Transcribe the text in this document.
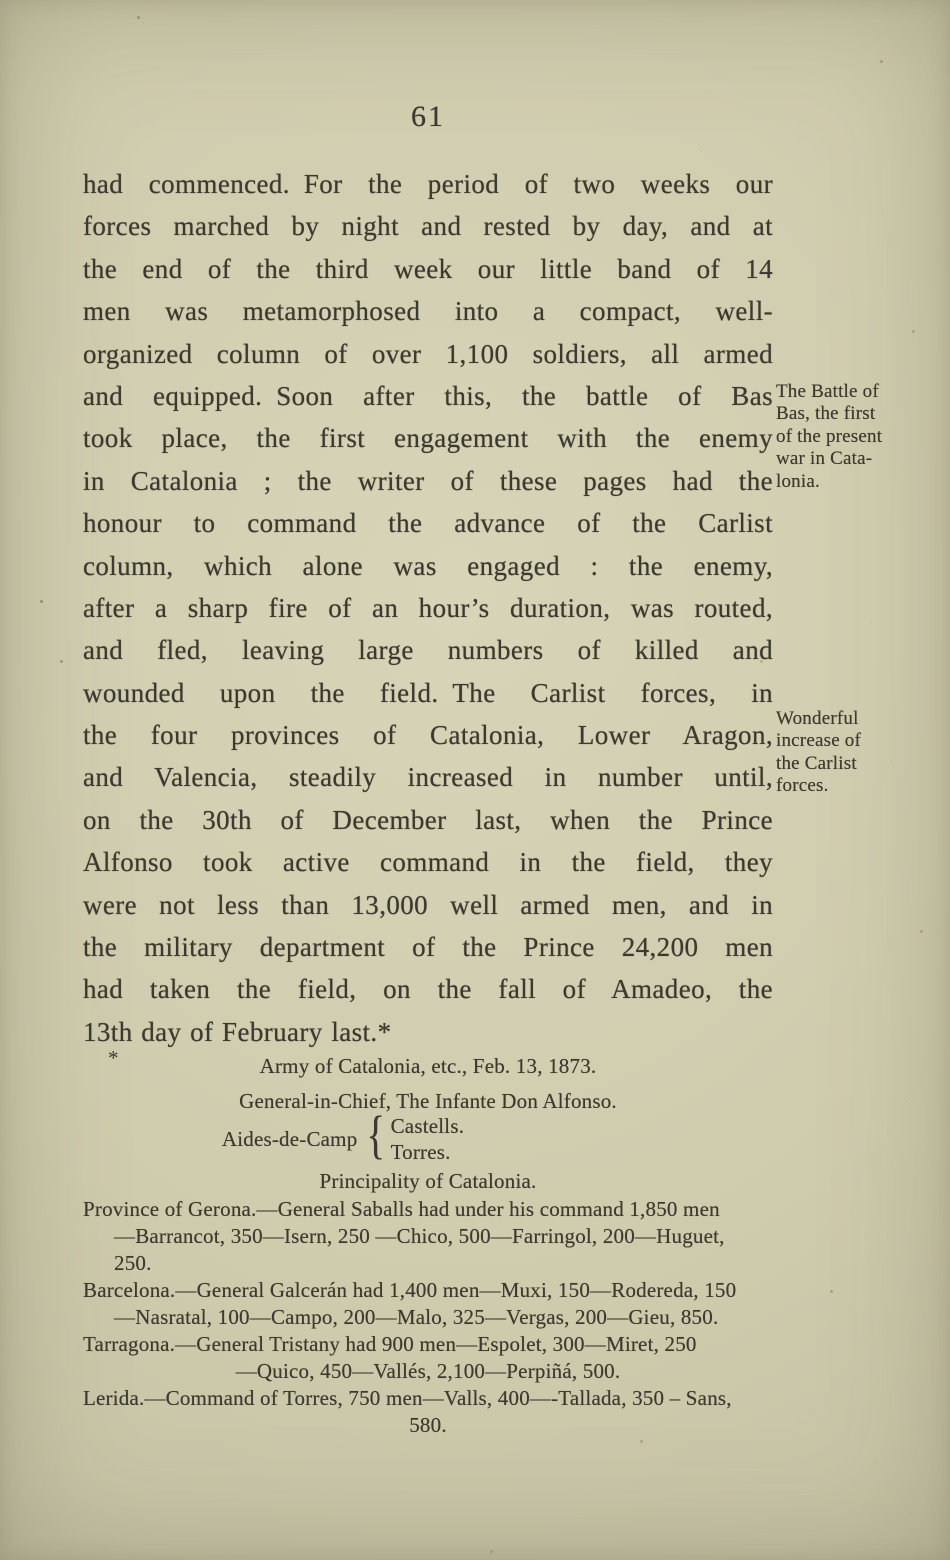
61
had commenced. For the period of two weeks our
forces marched by night and rested by day, and at
the end of the third week our little band of 14
men was metamorphosed into a compact, well-
organized column of over 1,100 soldiers, all armed
and equipped. Soon after this, the battle of Bas
took place, the first engagement with the enemy
in Catalonia ; the writer of these pages had the
honour to command the advance of the Carlist
column, which alone was engaged : the enemy,
after a sharp fire of an hour’s duration, was routed,
and fled, leaving large numbers of killed and
wounded upon the field. The Carlist forces, in
the four provinces of Catalonia, Lower Aragon,
and Valencia, steadily increased in number until,
on the 30th of December last, when the Prince
Alfonso took active command in the field, they
were not less than 13,000 well armed men, and in
the military department of the Prince 24,200 men
had taken the field, on the fall of Amadeo, the
13th day of February last.*
The Battle of
Bas, the first
of the present
war in Cata-
lonia.
Wonderful
increase of
the Carlist
forces.
*	Army of Catalonia, etc., Feb. 13, 1873.
General-in-Chief, The Infante Don Alfonso.
Aides-de-Camp { Castells.
Torres.
Principality of Catalonia.
Province of Gerona.—General Saballs had under his command 1,850 men
—Barrancot, 350—Isern, 250 —Chico, 500—Farringol, 200—Huguet,
250.
Barcelona.—General Galcerán had 1,400 men—Muxi, 150—Rodereda, 150
—Nasratal, 100—Campo, 200—Malo, 325—Vergas, 200—Gieu, 850.
Tarragona.—General Tristany had 900 men—Espolet, 300—Miret, 250
—Quico, 450—Vallés, 2,100—Perpiñá, 500.
Lerida.—Command of Torres, 750 men—Valls, 400—-Tallada, 350 – Sans,
580.
